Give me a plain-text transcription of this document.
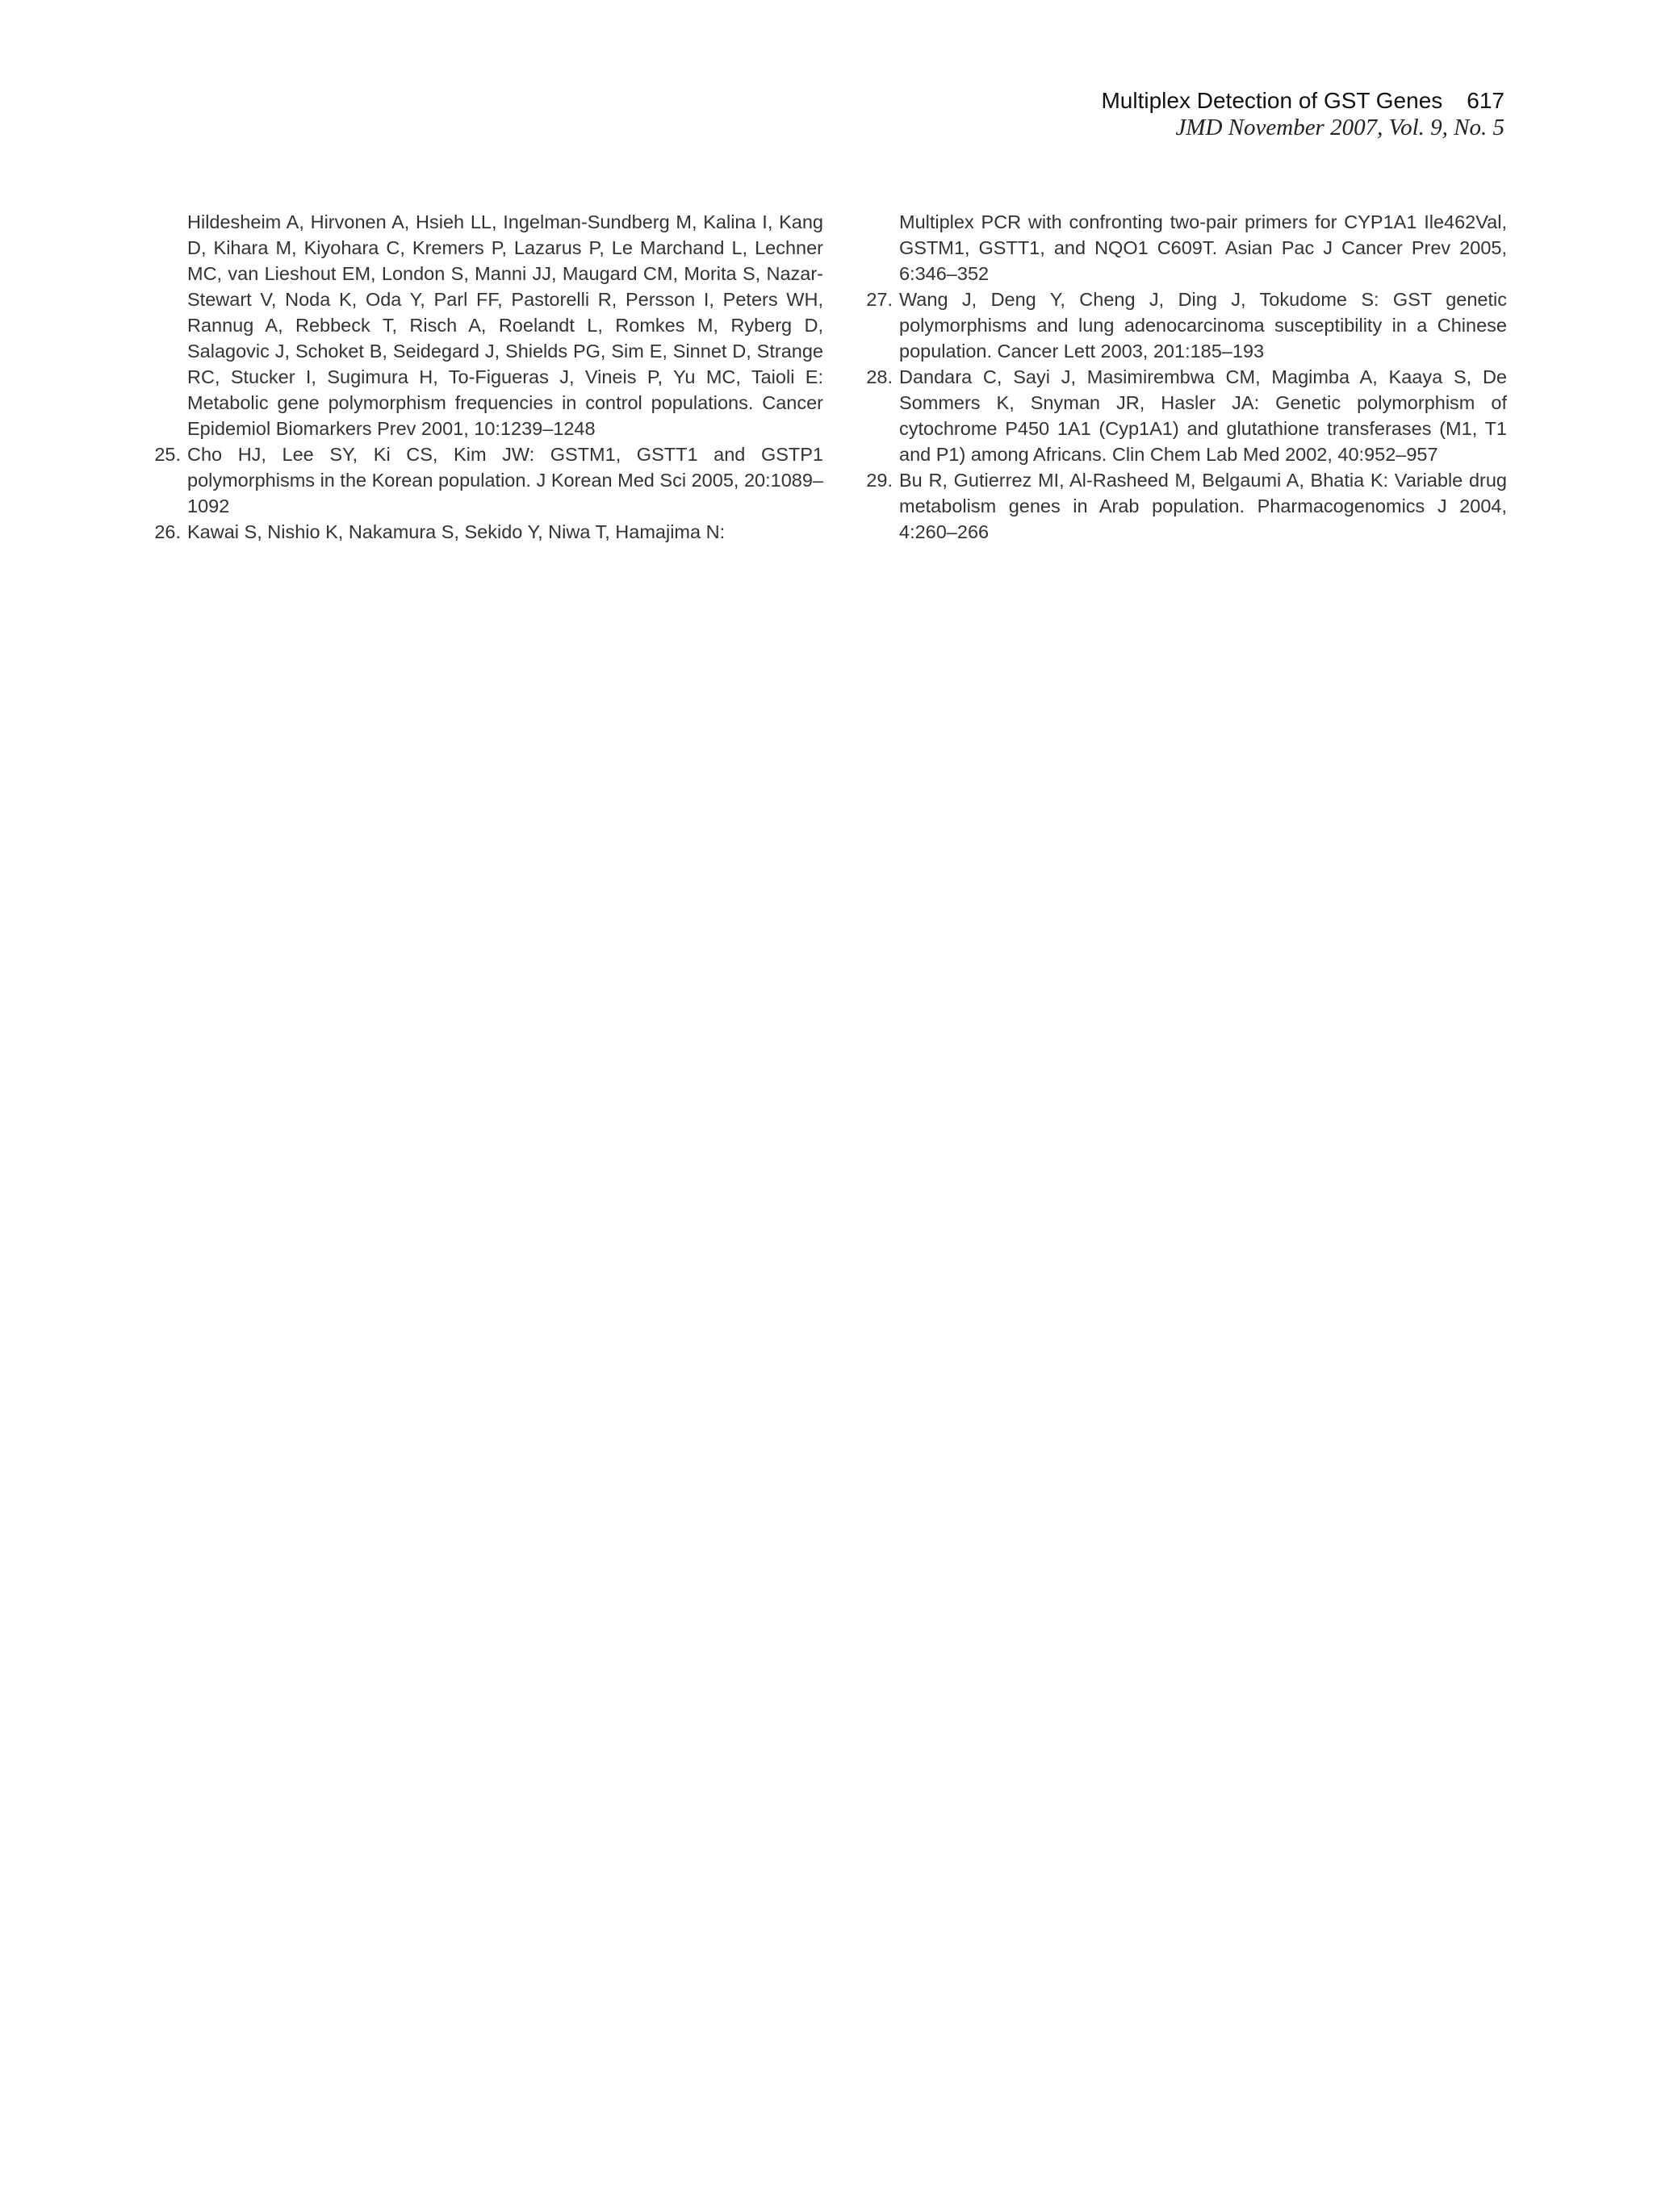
Multiplex Detection of GST Genes 617
JMD November 2007, Vol. 9, No. 5

Hildesheim A, Hirvonen A, Hsieh LL, Ingelman-Sundberg M, Kalina I, Kang D, Kihara M, Kiyohara C, Kremers P, Lazarus P, Le Marchand L, Lechner MC, van Lieshout EM, London S, Manni JJ, Maugard CM, Morita S, Nazar-Stewart V, Noda K, Oda Y, Parl FF, Pastorelli R, Persson I, Peters WH, Rannug A, Rebbeck T, Risch A, Roelandt L, Romkes M, Ryberg D, Salagovic J, Schoket B, Seidegard J, Shields PG, Sim E, Sinnet D, Strange RC, Stucker I, Sugimura H, To-Figueras J, Vineis P, Yu MC, Taioli E: Metabolic gene polymorphism frequencies in control populations. Cancer Epidemiol Biomarkers Prev 2001, 10:1239–1248

25. Cho HJ, Lee SY, Ki CS, Kim JW: GSTM1, GSTT1 and GSTP1 polymorphisms in the Korean population. J Korean Med Sci 2005, 20:1089–1092

26. Kawai S, Nishio K, Nakamura S, Sekido Y, Niwa T, Hamajima N:

Multiplex PCR with confronting two-pair primers for CYP1A1 Ile462Val, GSTM1, GSTT1, and NQO1 C609T. Asian Pac J Cancer Prev 2005, 6:346–352

27. Wang J, Deng Y, Cheng J, Ding J, Tokudome S: GST genetic polymorphisms and lung adenocarcinoma susceptibility in a Chinese population. Cancer Lett 2003, 201:185–193

28. Dandara C, Sayi J, Masimirembwa CM, Magimba A, Kaaya S, De Sommers K, Snyman JR, Hasler JA: Genetic polymorphism of cytochrome P450 1A1 (Cyp1A1) and glutathione transferases (M1, T1 and P1) among Africans. Clin Chem Lab Med 2002, 40:952–957

29. Bu R, Gutierrez MI, Al-Rasheed M, Belgaumi A, Bhatia K: Variable drug metabolism genes in Arab population. Pharmacogenomics J 2004, 4:260–266
